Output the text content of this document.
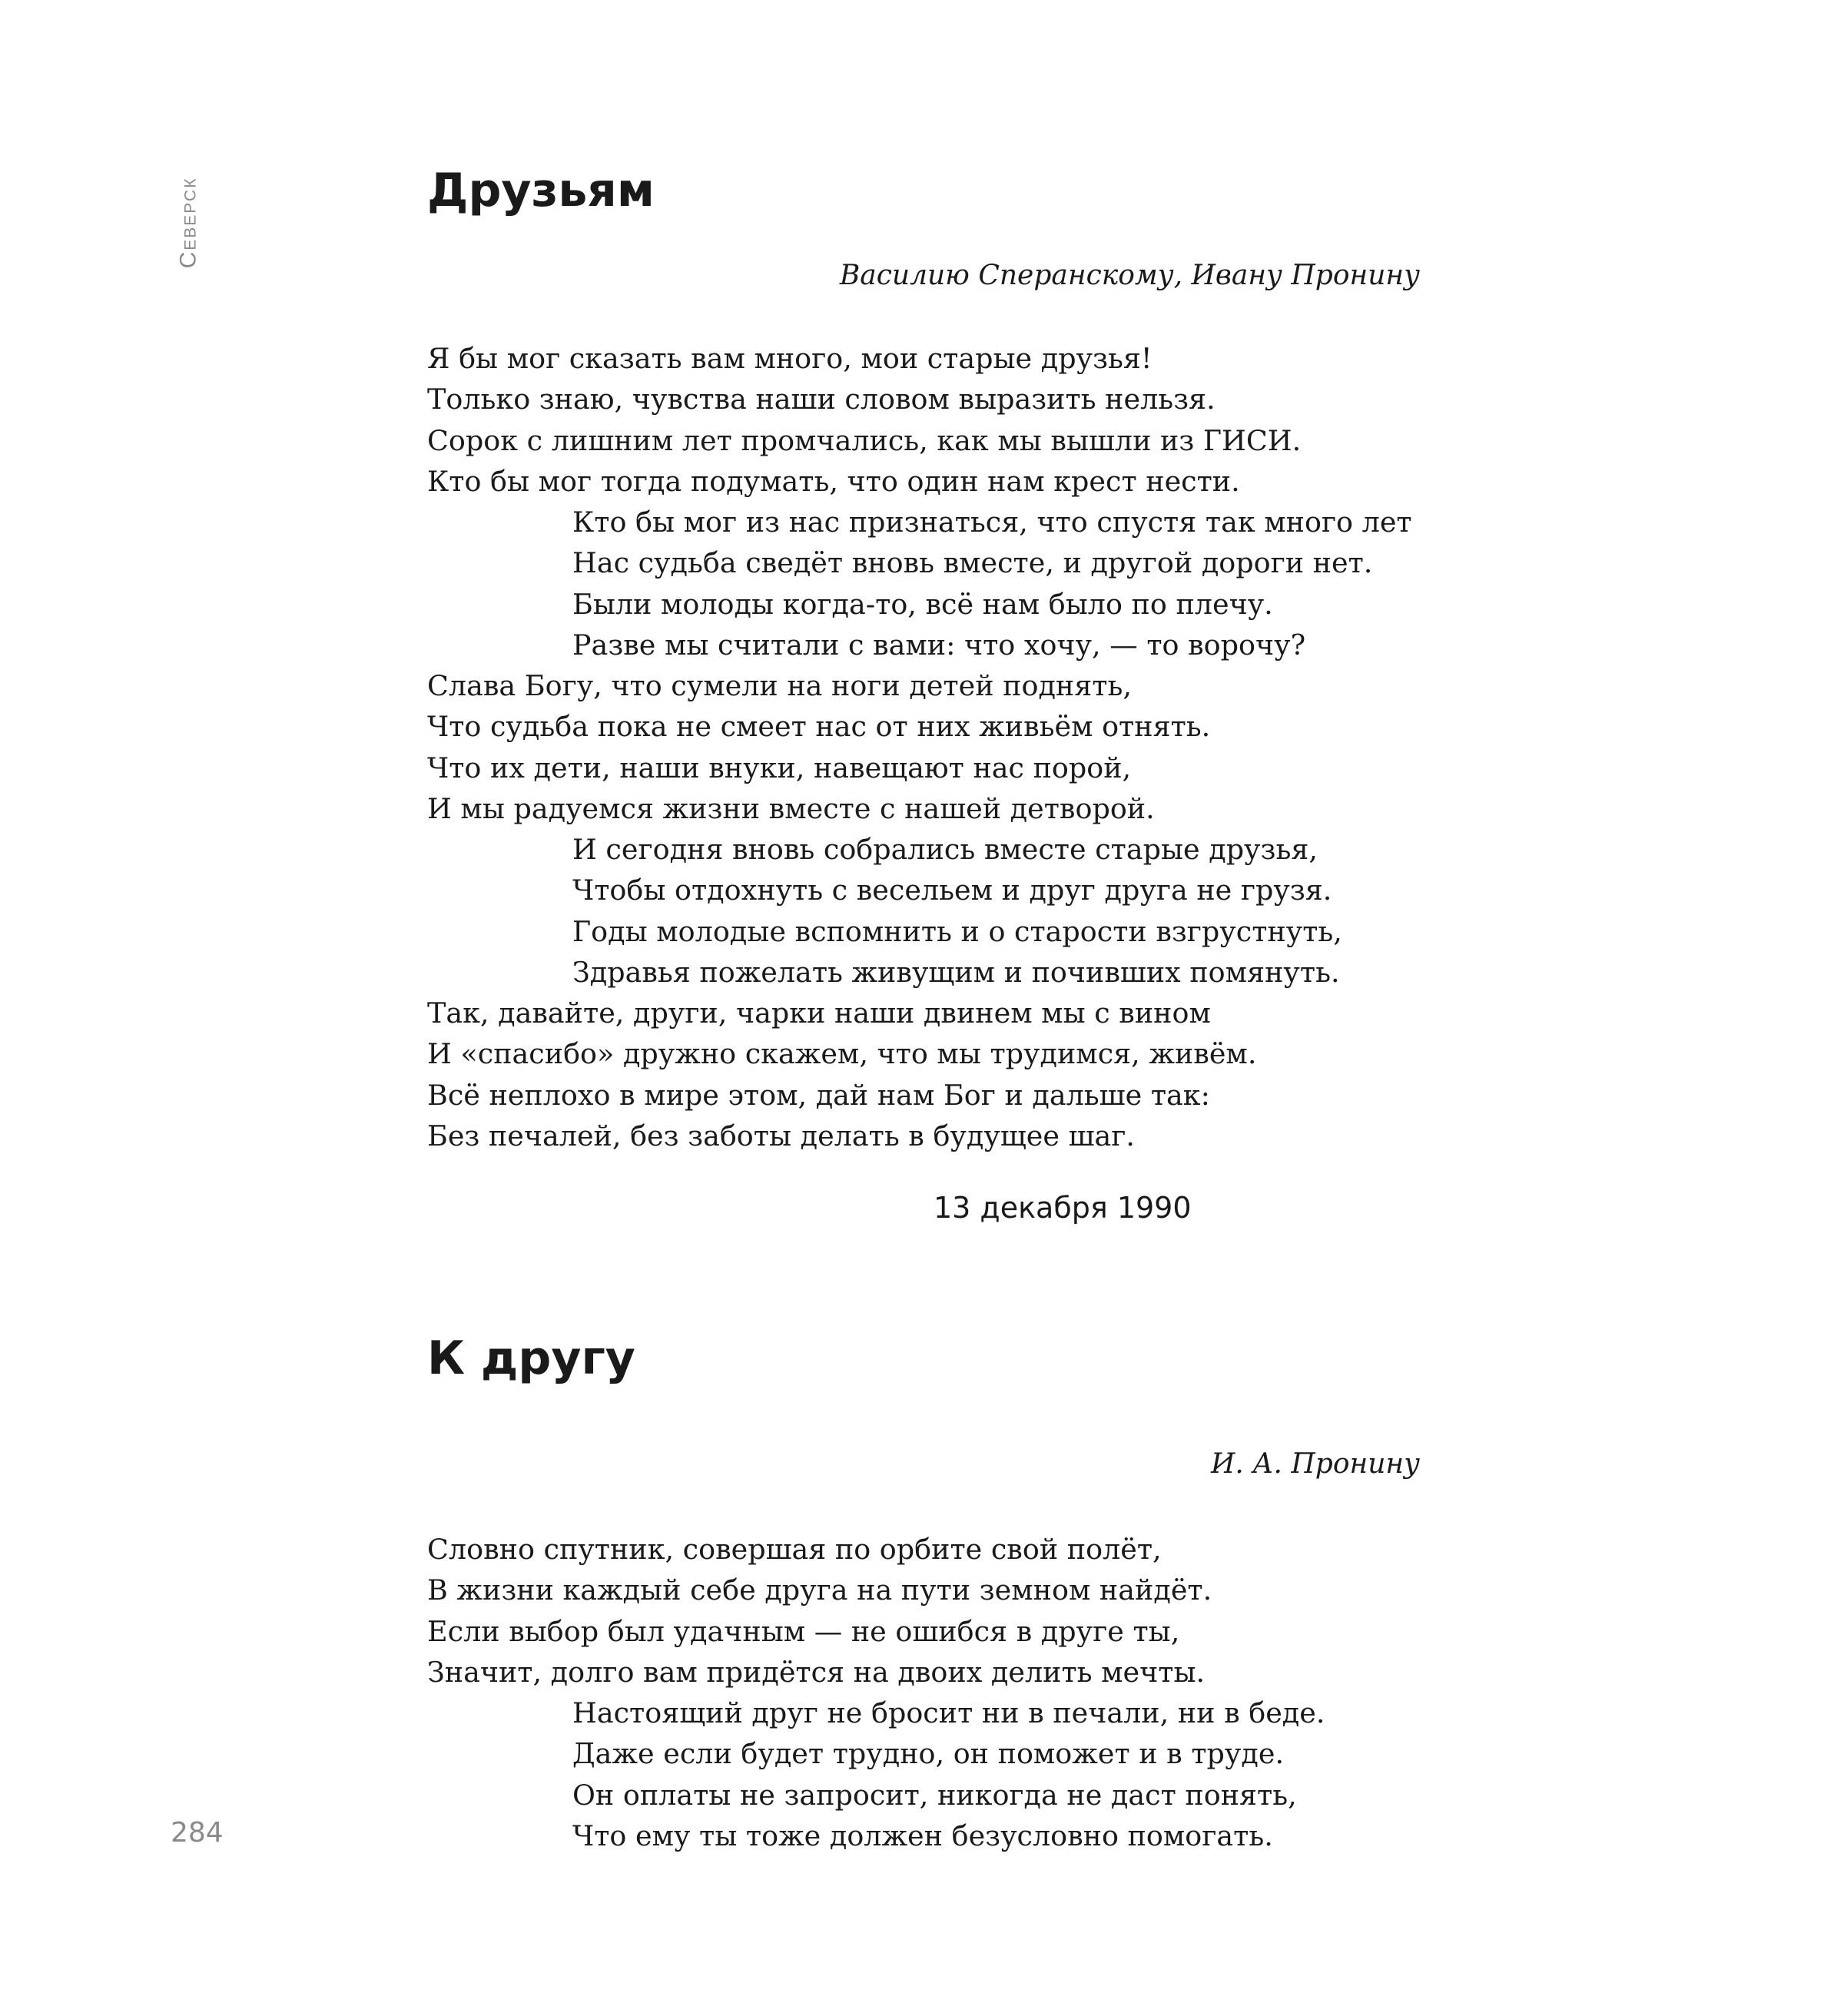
Северск	Друзьям
Василию Сперанскому, Ивану Пронину
Я бы мог сказать вам много, мои старые друзья!
Только знаю, чувства наши словом выразить нельзя.
Сорок с лишним лет промчались, как мы вышли из ГИСИ.
Кто бы мог тогда подумать, что один нам крест нести.
Кто бы мог из нас признаться, что спустя так много лет
Нас судьба сведёт вновь вместе, и другой дороги нет.
Были молоды когда-то, всё нам было по плечу.
Разве мы считали с вами: что хочу, — то ворочу?
Слава Богу, что сумели на ноги детей поднять,
Что судьба пока не смеет нас от них живьём отнять.
Что их дети, наши внуки, навещают нас порой,
И мы радуемся жизни вместе с нашей детворой.
И сегодня вновь собрались вместе старые друзья,
Чтобы отдохнуть с весельем и друг друга не грузя.
Годы молодые вспомнить и о старости взгрустнуть,
Здравья пожелать живущим и почивших помянуть.
Так, давайте, други, чарки наши двинем мы с вином
И «спасибо» дружно скажем, что мы трудимся, живём.
Всё неплохо в мире этом, дай нам Бог и дальше так:
Без печалей, без заботы делать в будущее шаг.
13 декабря 1990
К другу
И. А. Пронину
Словно спутник, совершая по орбите свой полёт,
В жизни каждый себе друга на пути земном найдёт.
Если выбор был удачным — не ошибся в друге ты,
Значит, долго вам придётся на двоих делить мечты.
Настоящий друг не бросит ни в печали, ни в беде.
Даже если будет трудно, он поможет и в труде.
Он оплаты не запросит, никогда не даст понять,
Что ему ты тоже должен безусловно помогать.
284
